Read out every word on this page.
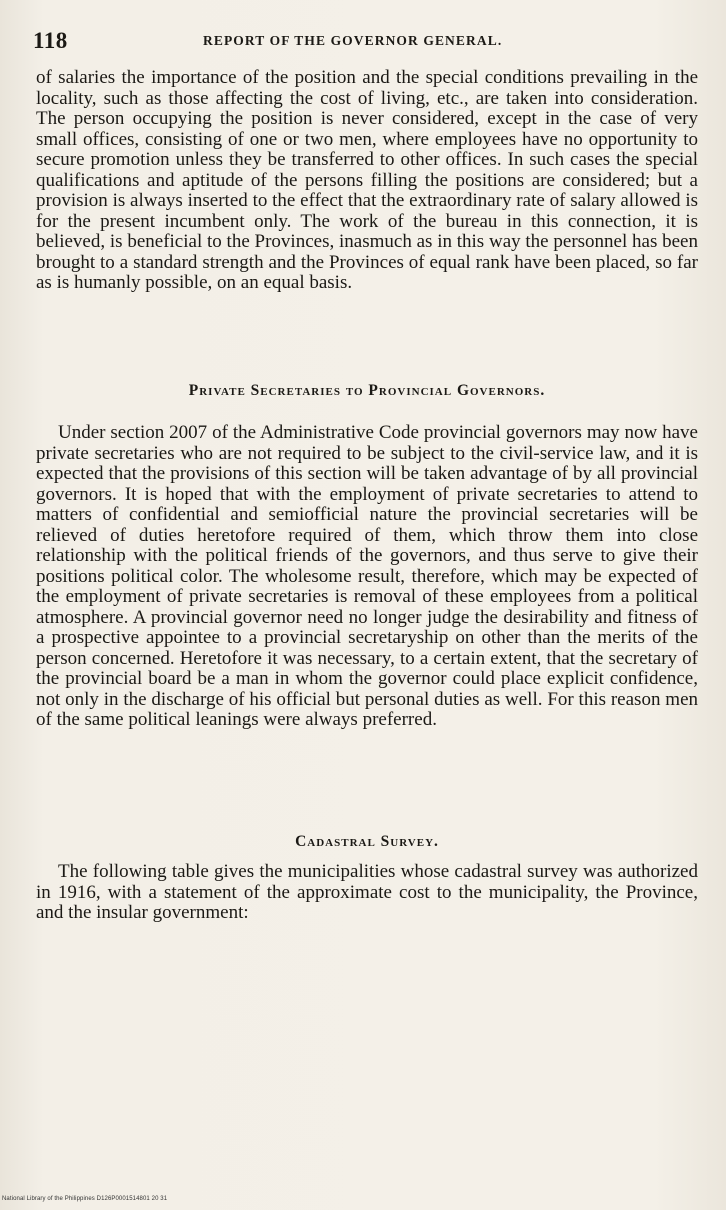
118	REPORT OF THE GOVERNOR GENERAL.

of salaries the importance of the position and the special conditions prevailing in the locality, such as those affecting the cost of living, etc., are taken into consideration. The person occupying the position is never considered, except in the case of very small offices, consisting of one or two men, where employees have no opportunity to secure promotion unless they be transferred to other offices. In such cases the special qualifications and aptitude of the persons filling the positions are considered; but a provision is always inserted to the effect that the extraordinary rate of salary allowed is for the present incumbent only. The work of the bureau in this connection, it is believed, is beneficial to the Provinces, inasmuch as in this way the personnel has been brought to a standard strength and the Provinces of equal rank have been placed, so far as is humanly possible, on an equal basis.

Private Secretaries to Provincial Governors.

Under section 2007 of the Administrative Code provincial governors may now have private secretaries who are not required to be subject to the civil-service law, and it is expected that the provisions of this section will be taken advantage of by all provincial governors. It is hoped that with the employment of private secretaries to attend to matters of confidential and semiofficial nature the provincial secretaries will be relieved of duties heretofore required of them, which throw them into close relationship with the political friends of the governors, and thus serve to give their positions political color. The wholesome result, therefore, which may be expected of the employment of private secretaries is removal of these employees from a political atmosphere. A provincial governor need no longer judge the desirability and fitness of a prospective appointee to a provincial secretaryship on other than the merits of the person concerned. Heretofore it was necessary, to a certain extent, that the secretary of the provincial board be a man in whom the governor could place explicit confidence, not only in the discharge of his official but personal duties as well. For this reason men of the same political leanings were always preferred.

Cadastral Survey.

The following table gives the municipalities whose cadastral survey was authorized in 1916, with a statement of the approximate cost to the municipality, the Province, and the insular government:

National Library of the Philippines D126P0001514801 20 31
